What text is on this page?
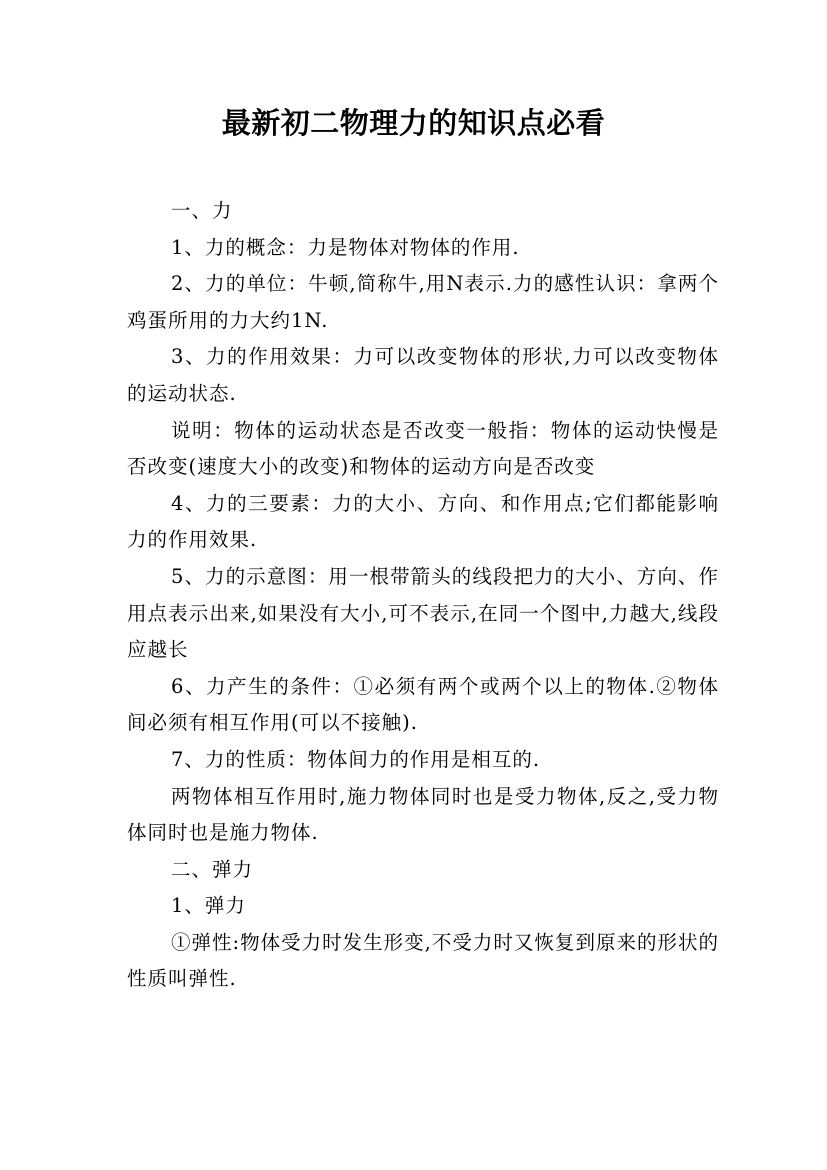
最新初二物理力的知识点必看

一、力

1、力的概念：力是物体对物体的作用.

2、力的单位：牛顿,简称牛,用N表示.力的感性认识：拿两个鸡蛋所用的力大约1N.

3、力的作用效果：力可以改变物体的形状,力可以改变物体的运动状态.

说明：物体的运动状态是否改变一般指：物体的运动快慢是否改变(速度大小的改变)和物体的运动方向是否改变

4、力的三要素：力的大小、方向、和作用点;它们都能影响力的作用效果.

5、力的示意图：用一根带箭头的线段把力的大小、方向、作用点表示出来,如果没有大小,可不表示,在同一个图中,力越大,线段应越长

6、力产生的条件：①必须有两个或两个以上的物体.②物体间必须有相互作用(可以不接触).

7、力的性质：物体间力的作用是相互的.

两物体相互作用时,施力物体同时也是受力物体,反之,受力物体同时也是施力物体.

二、弹力

1、弹力

①弹性:物体受力时发生形变,不受力时又恢复到原来的形状的性质叫弹性.
